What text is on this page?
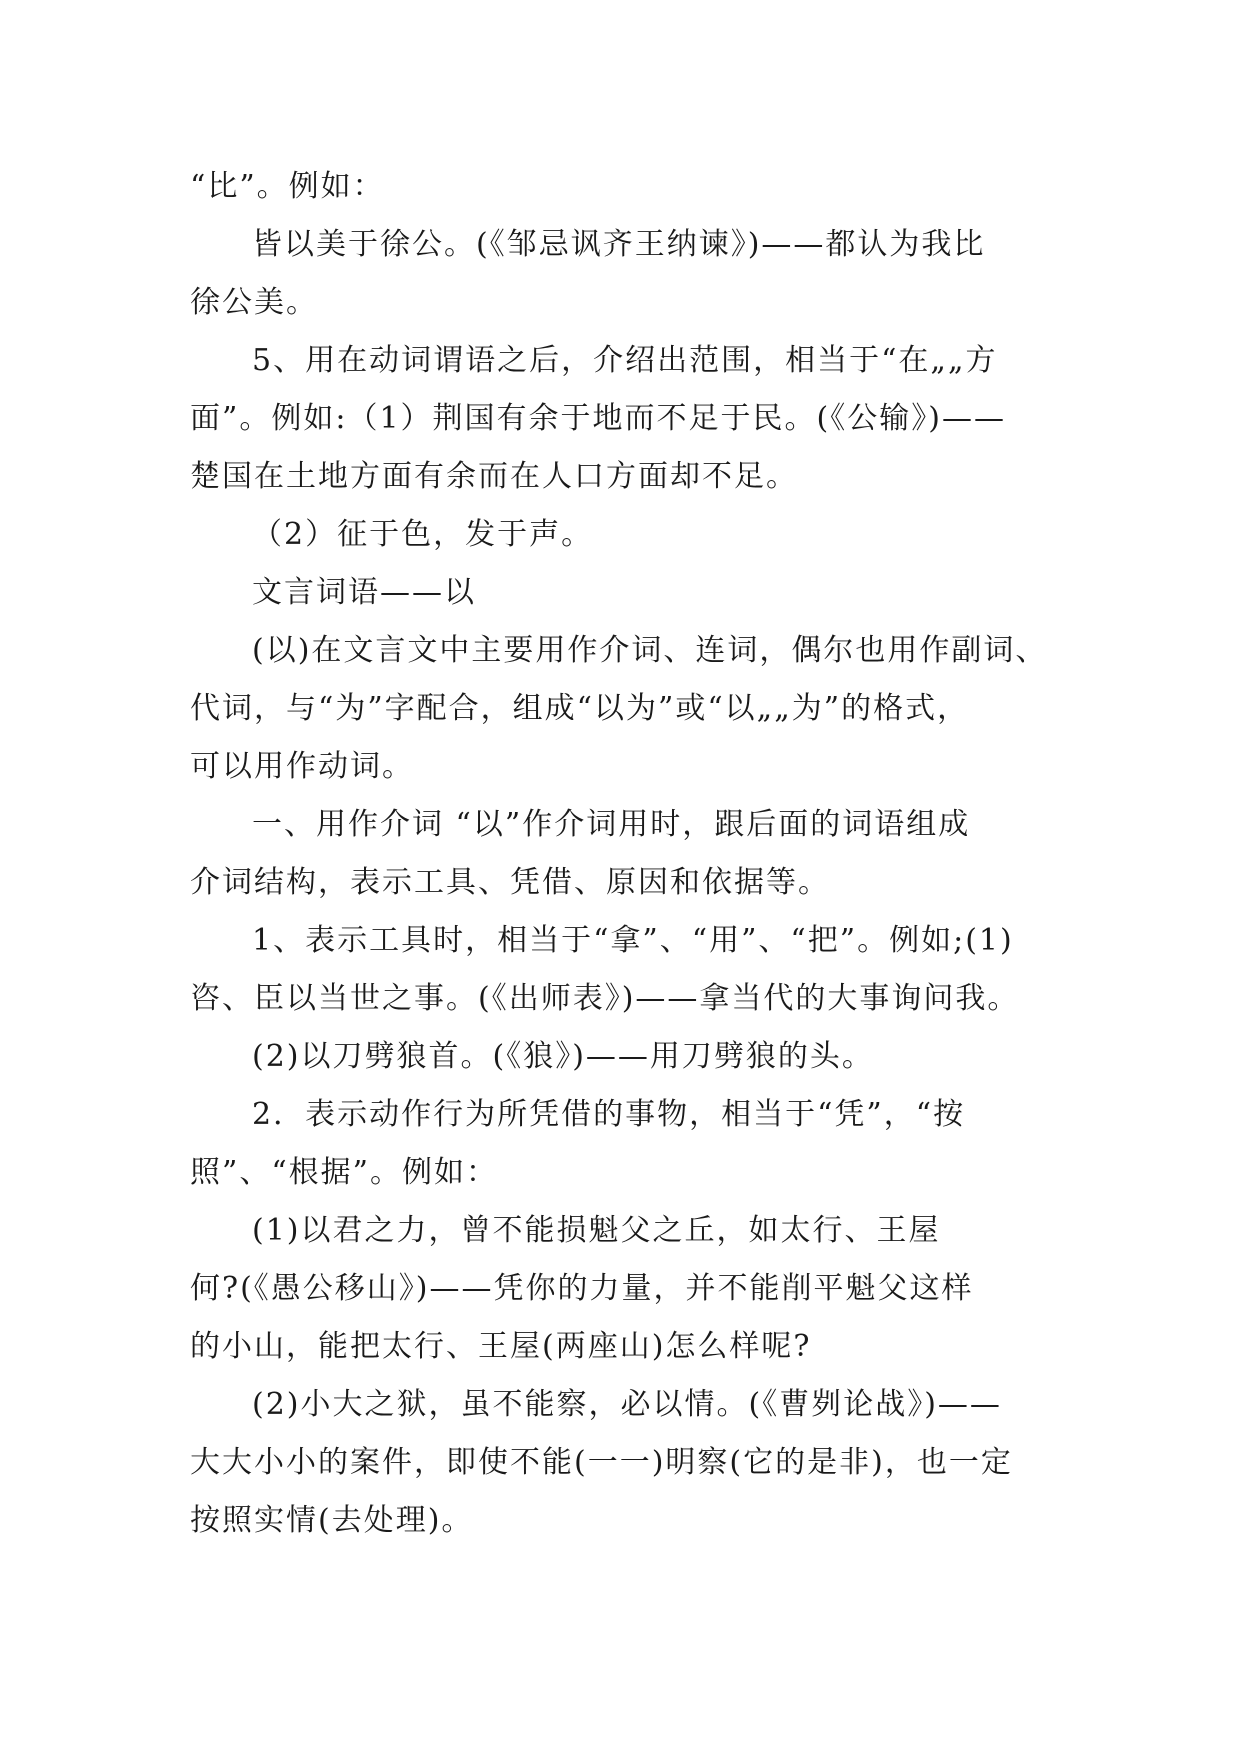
“比”。例如：
皆以美于徐公。(《邹忌讽齐王纳谏》)——都认为我比
徐公美。
5、用在动词谓语之后，介绍出范围，相当于“在„„方
面”。例如:（1）荆国有余于地而不足于民。(《公输》)——
楚国在土地方面有余而在人口方面却不足。
（2）征于色，发于声。
文言词语——以
(以)在文言文中主要用作介词、连词，偶尔也用作副词、
代词，与“为”字配合，组成“以为”或“以„„为”的格式，
可以用作动词。
一、用作介词 “以”作介词用时，跟后面的词语组成
介词结构，表示工具、凭借、原因和依据等。
1、表示工具时，相当于“拿”、“用”、“把”。例如;(1)
咨、臣以当世之事。(《出师表》)——拿当代的大事询问我。
(2)以刀劈狼首。(《狼》)——用刀劈狼的头。
2．表示动作行为所凭借的事物，相当于“凭”，“按
照”、“根据”。例如：
(1)以君之力，曾不能损魁父之丘，如太行、王屋
何?(《愚公移山》)——凭你的力量，并不能削平魁父这样
的小山，能把太行、王屋(两座山)怎么样呢?
(2)小大之狱，虽不能察，必以情。(《曹刿论战》)——
大大小小的案件，即使不能(一一)明察(它的是非)，也一定
按照实情(去处理)。
